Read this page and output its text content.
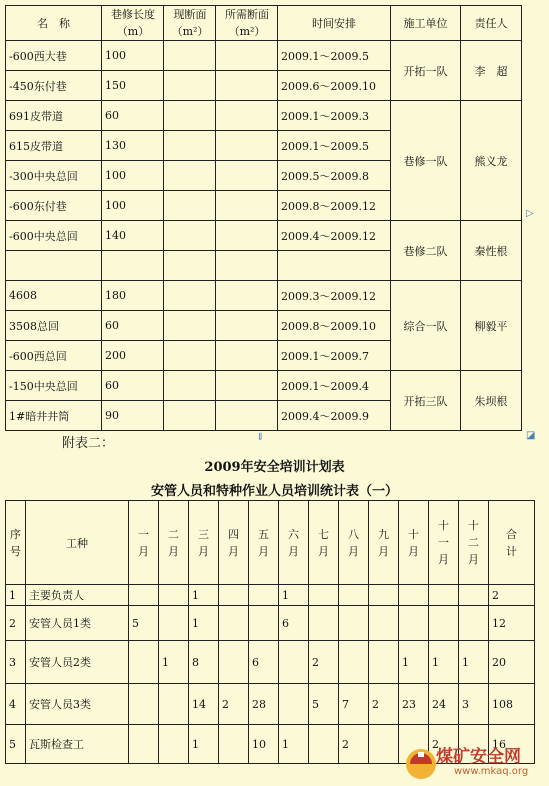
名　称	巷修长度（m）	现断面（m²）	所需断面（m²）	时间安排	施工单位	责任人
-600西大巷	100			2009.1～2009.5	开拓一队	李　超
-450东付巷	150			2009.6～2009.10		
691皮带道	60			2009.1～2009.3	巷修一队	熊义龙
615皮带道	130			2009.1～2009.5		
-300中央总回	100			2009.5～2009.8		
-600东付巷	100			2009.8～2009.12		
-600中央总回	140			2009.4～2009.12	巷修二队	秦性根

4608	180			2009.3～2009.12	综合一队	柳毅平
3508总回	60			2009.8～2009.10		
-600西总回	200			2009.1～2009.7		
-150中央总回	60			2009.1～2009.4	开拓三队	朱坝根
1#暗井井筒	90			2009.4～2009.9		
▷
◪
⇓
附表二：
2009年安全培训计划表
安管人员和特种作业人员培训统计表（一）
序号	工种	一月	二月	三月	四月	五月	六月	七月	八月	九月	十月	十一月	十二月	合计
1	主要负责人			1			1							2
2	安管人员1类	5		1			6							12
3	安管人员2类		1	8		6		2			1	1	1	20
4	安管人员3类			14	2	28		5	7	2	23	24	3	108
5	瓦斯检查工			1		10	1		2			2		16
煤矿安全网
www.mkaq.org
